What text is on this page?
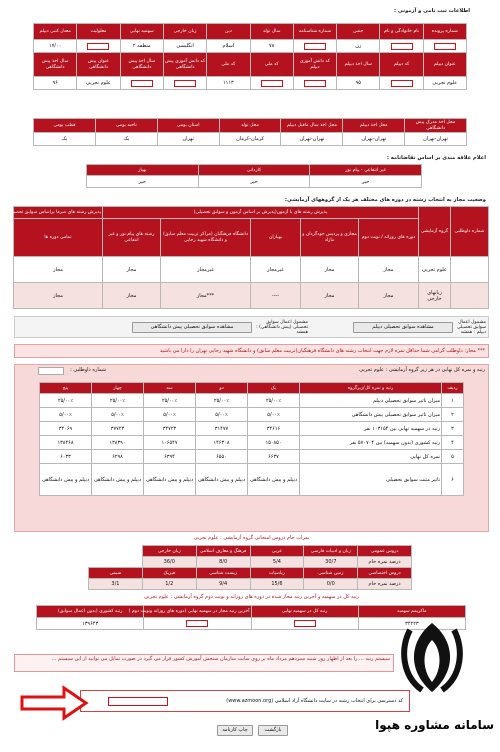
اطلاعات ثبت نامی و آزمونی :
شماره پرونده	نام خانوادگی و نام	جنس	شماره شناسنامه	سال تولد	دین	زبان خارجی	سهمیه نهایی	معلولیت	معدل کتبی دیپلم
		زن		۷۸	اسلام	انگلیسی	منطقه ۲		۱۷/۰۰
عنوان دیپلم	کد دیپلم	سال اخذ دیپلم	کد دانش آموزی دیپلم	کد ملی	کد ملی	کد دانش آموزی پیش دانشگاهی	سال اخذ پیش دانشگاهی	عنوان پیش دانشگاهی	سال اخذ پیش دانشگاهی
علوم تجربی		۹۵			۱۱۱۳			علوم تجربی	۹۶
محل اخذ مدرک پیش دانشگاهی	محل اخذ دیپلم	محل اخذ سال ماقبل دیپلم	محل تولد	استان بومی	ناحیه بومی	قطب بومی
تهران-تهران	تهران-تهران	تهران-تهران	کرمان-کرمان	تهران	یک	یک
اعلام علاقه مندی بر اساس تقاضانامه :
غیر انتفاعی - پیام نور	کاردانی	بهیار
خیر	خیر	خیر
وضعیت مجاز به انتخاب رشته در دوره های مختلف هر یک از گروههای آزمایشی:
شماره داوطلبی	گروه آزمایشی	پذیرش رشته های با آزمون(پذیرش بر اساس آزمون و سوابق تحصیلی)					پذیرش رشته های صرفا براساس سوابق تحصیلی
		دوره های روزانه / نوبت دوم	مجازی و پردیس خودگردان و مازاد	بهیاران	دانشگاه فرهنگیان (مراکز تربیت معلم سابق) و دانشگاه شهید رجایی	رشته های پیام نور و غیر انتفاعی	تمامی دوره ها
	علوم تجربی	مجاز	مجاز	غیرمجاز	غیرمجاز	مجاز	مجاز
	زبانهای خارجی	مجاز	مجاز	----	***مجاز	مجاز	مجاز
مشمول اعمال سوابق تحصیلی دیپلم : همشد
مشاهده سوابق تحصیلی دیپلم
مشمول اعمال سوابق تحصیلی (پیش دانشگاهی) : همشد
مشاهده سوابق تحصیلی پیش دانشگاهی
*** مجاز: داوطلب گرامی شما حداقل نمره لازم جهت انتخاب رشته های دانشگاه فرهنگیان(تربیت معلم سابق) و دانشگاه شهید رجایی تهران را دارا می باشید
رتبه و نمره کل نهایی در هر زیر گروه آزمایشی : علوم تجربی
شماره داوطلبی :
ردیف	رتبه و نمره کل/زیرگروه	یک	دو	سه	چهار	پنج
۱	میزان تاثیر سوابق تحصیلی دیپلم	۲۵/۰۰٪	۲۵/۰۰٪	۲۵/۰۰٪	۲۵/۰۰٪	۲۵/۰۰٪
۲	میزان تاثیر سوابق تحصیلی پیش دانشگاهی	۵/۰۰٪	۵/۰۰٪	۵/۰۰٪	۵/۰۰٪	۵/۰۰٪
۳	رتبه در سهمیه نهایی بین ۱۰۳۱۵۴ نفر	۳۴۶۱۶	۳۱۴۷۷	۳۴۷۲۳	۳۷۷۲۳	۳۴۰۶۹
۴	رتبه کشوری (بدون سهمیه) بین ۵۷۰۷۰۴ نفر	۱۵۰۸۵۰	۱۴۶۳۰۸	۱۰۶۵۴۷	۱۳۸۳۹۰	۱۳۸۴۶۸
۵	نمره کل نهایی	۶۶۳۷	۶۵۵۰	۶۳۹۴	۶۲۹۸	۶۰۳۳
۶	تاثیر مثبت سوابق تحصیلی	دیپلم و پیش دانشگاهی	دیپلم و پیش دانشگاهی	دیپلم و پیش دانشگاهی	دیپلم و پیش دانشگاهی	دیپلم و پیش دانشگاهی
نمرات خام دروس امتحانی گروه آزمایشی : علوم تجربی
دروس عمومی	زبان و ادبیات فارسی	عربی	فرهنگ و معارف اسلامی	زبان خارجی	
درصد نمره خام	30/7	5/4	8/0	36/0	
دروس اختصاصی	زمین شناسی	ریاضیات	زیست شناسی	فیزیک	شیمی
درصد نمره خام	0/0	15/6	9/4	1/2	3/1
رتبه کل در سهمیه و آخرین رتبه مجاز شده در دوره های روزانه و نوبت دوم گروه آزمایشی : علوم تجربی
ماکزیمم سهمیه	رتبه کل در سهمیه نهایی	آخرین رتبه مجاز در سهمیه نهایی (دوره های روزانه ونوبت دوم )	رتبه کشوری (بدون اعمال سوابق)
۳۴۲۲۳			۱۳۹۶۴۳
سیستم رتبه ... را بعد از اظهار روز شنبه سیزدهم مرداد ماه بر روی سایت سازمان سنجش آموزش کشور قرار می گیرد در صورت تمایل می توانید از این سیستم ...
کد دسترسی برای انتخاب رشته در سایت دانشگاه آزاد اسلامی (www.azmoon.org)
چاپ کارنامه	بازگشت	سامانه مشاوره هپوا
